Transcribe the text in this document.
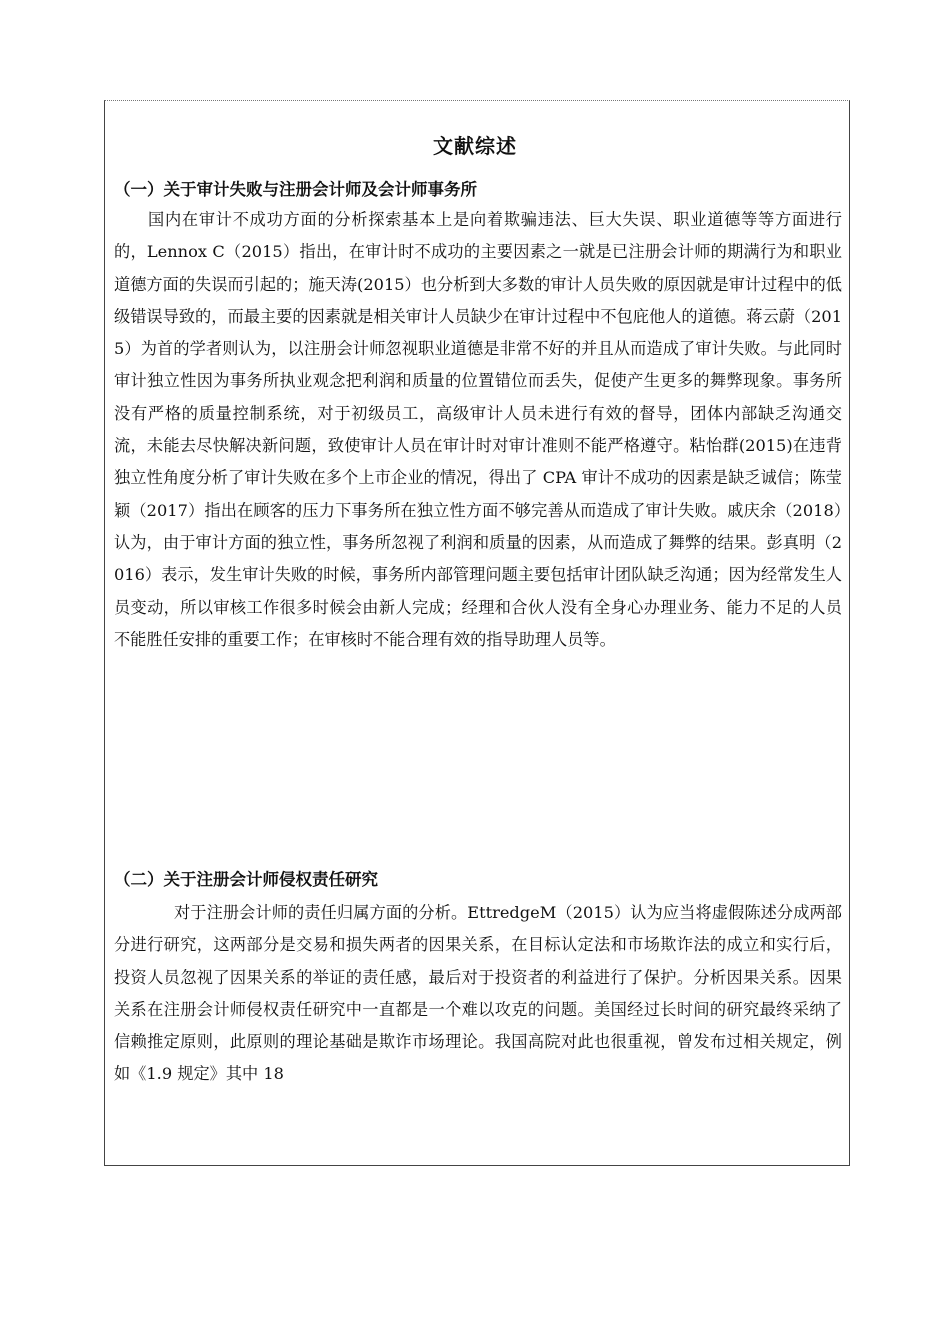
文献综述
（一）关于审计失败与注册会计师及会计师事务所

国内在审计不成功方面的分析探索基本上是向着欺骗违法、巨大失误、职业道德等等方面进行的，Lennox C（2015）指出，在审计时不成功的主要因素之一就是已注册会计师的期满行为和职业道德方面的失误而引起的；施天涛(2015）也分析到大多数的审计人员失败的原因就是审计过程中的低级错误导致的，而最主要的因素就是相关审计人员缺少在审计过程中不包庇他人的道德。蒋云蔚（2015）为首的学者则认为，以注册会计师忽视职业道德是非常不好的并且从而造成了审计失败。与此同时审计独立性因为事务所执业观念把利润和质量的位置错位而丢失，促使产生更多的舞弊现象。事务所没有严格的质量控制系统，对于初级员工，高级审计人员未进行有效的督导，团体内部缺乏沟通交流，未能去尽快解决新问题，致使审计人员在审计时对审计准则不能严格遵守。粘怡群(2015)在违背独立性角度分析了审计失败在多个上市企业的情况，得出了 CPA 审计不成功的因素是缺乏诚信；陈莹颖（2017）指出在顾客的压力下事务所在独立性方面不够完善从而造成了审计失败。戚庆余（2018）认为，由于审计方面的独立性，事务所忽视了利润和质量的因素，从而造成了舞弊的结果。彭真明（2016）表示，发生审计失败的时候，事务所内部管理问题主要包括审计团队缺乏沟通；因为经常发生人员变动，所以审核工作很多时候会由新人完成；经理和合伙人没有全身心办理业务、能力不足的人员不能胜任安排的重要工作；在审核时不能合理有效的指导助理人员等。

（二）关于注册会计师侵权责任研究

对于注册会计师的责任归属方面的分析。EttredgeM（2015）认为应当将虚假陈述分成两部分进行研究，这两部分是交易和损失两者的因果关系，在目标认定法和市场欺诈法的成立和实行后，投资人员忽视了因果关系的举证的责任感，最后对于投资者的利益进行了保护。分析因果关系。因果关系在注册会计师侵权责任研究中一直都是一个难以攻克的问题。美国经过长时间的研究最终采纳了信赖推定原则，此原则的理论基础是欺诈市场理论。我国高院对此也很重视，曾发布过相关规定，例如《1.9 规定》其中 18
